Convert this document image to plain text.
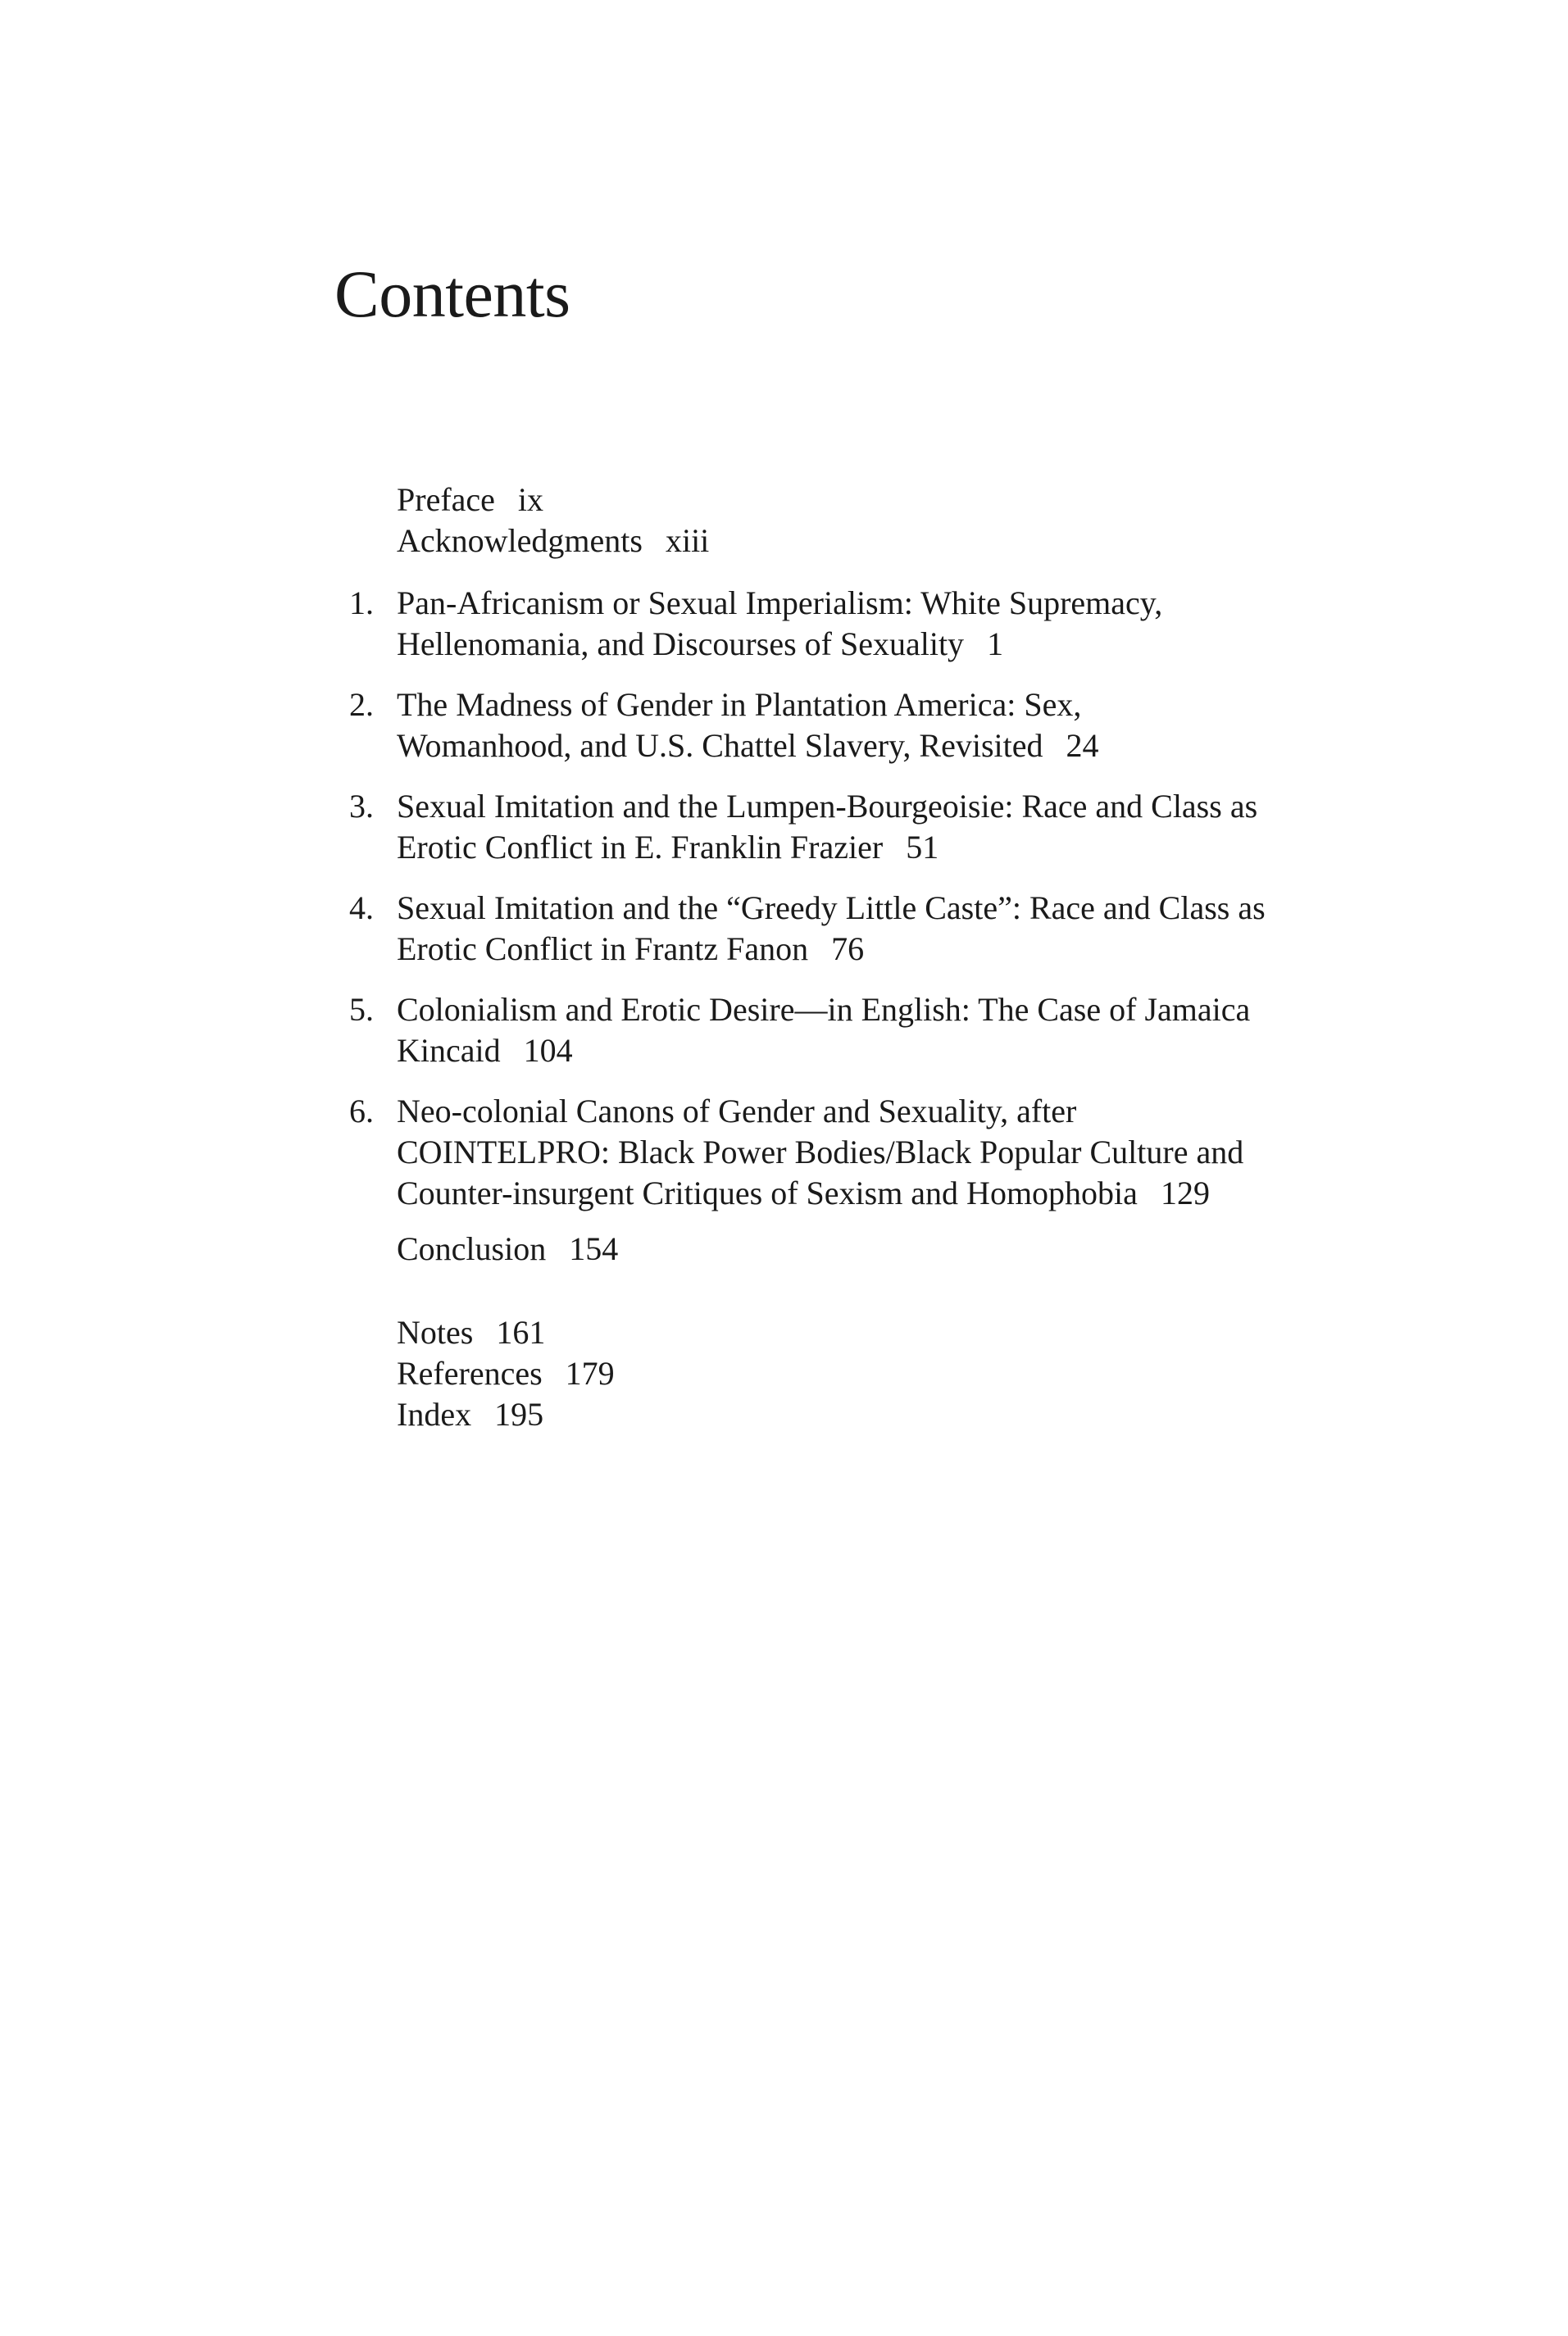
Contents
Preface ix
Acknowledgments xiii
1. Pan-Africanism or Sexual Imperialism: White Supremacy,
Hellenomania, and Discourses of Sexuality 1
2. The Madness of Gender in Plantation America: Sex,
Womanhood, and U.S. Chattel Slavery, Revisited 24
3. Sexual Imitation and the Lumpen-Bourgeoisie: Race and Class as
Erotic Conflict in E. Franklin Frazier 51
4. Sexual Imitation and the “Greedy Little Caste”: Race and Class as
Erotic Conflict in Frantz Fanon 76
5. Colonialism and Erotic Desire—in English: The Case of Jamaica
Kincaid 104
6. Neo-colonial Canons of Gender and Sexuality, after
COINTELPRO: Black Power Bodies/Black Popular Culture and
Counter-insurgent Critiques of Sexism and Homophobia 129
Conclusion 154
Notes 161
References 179
Index 195
